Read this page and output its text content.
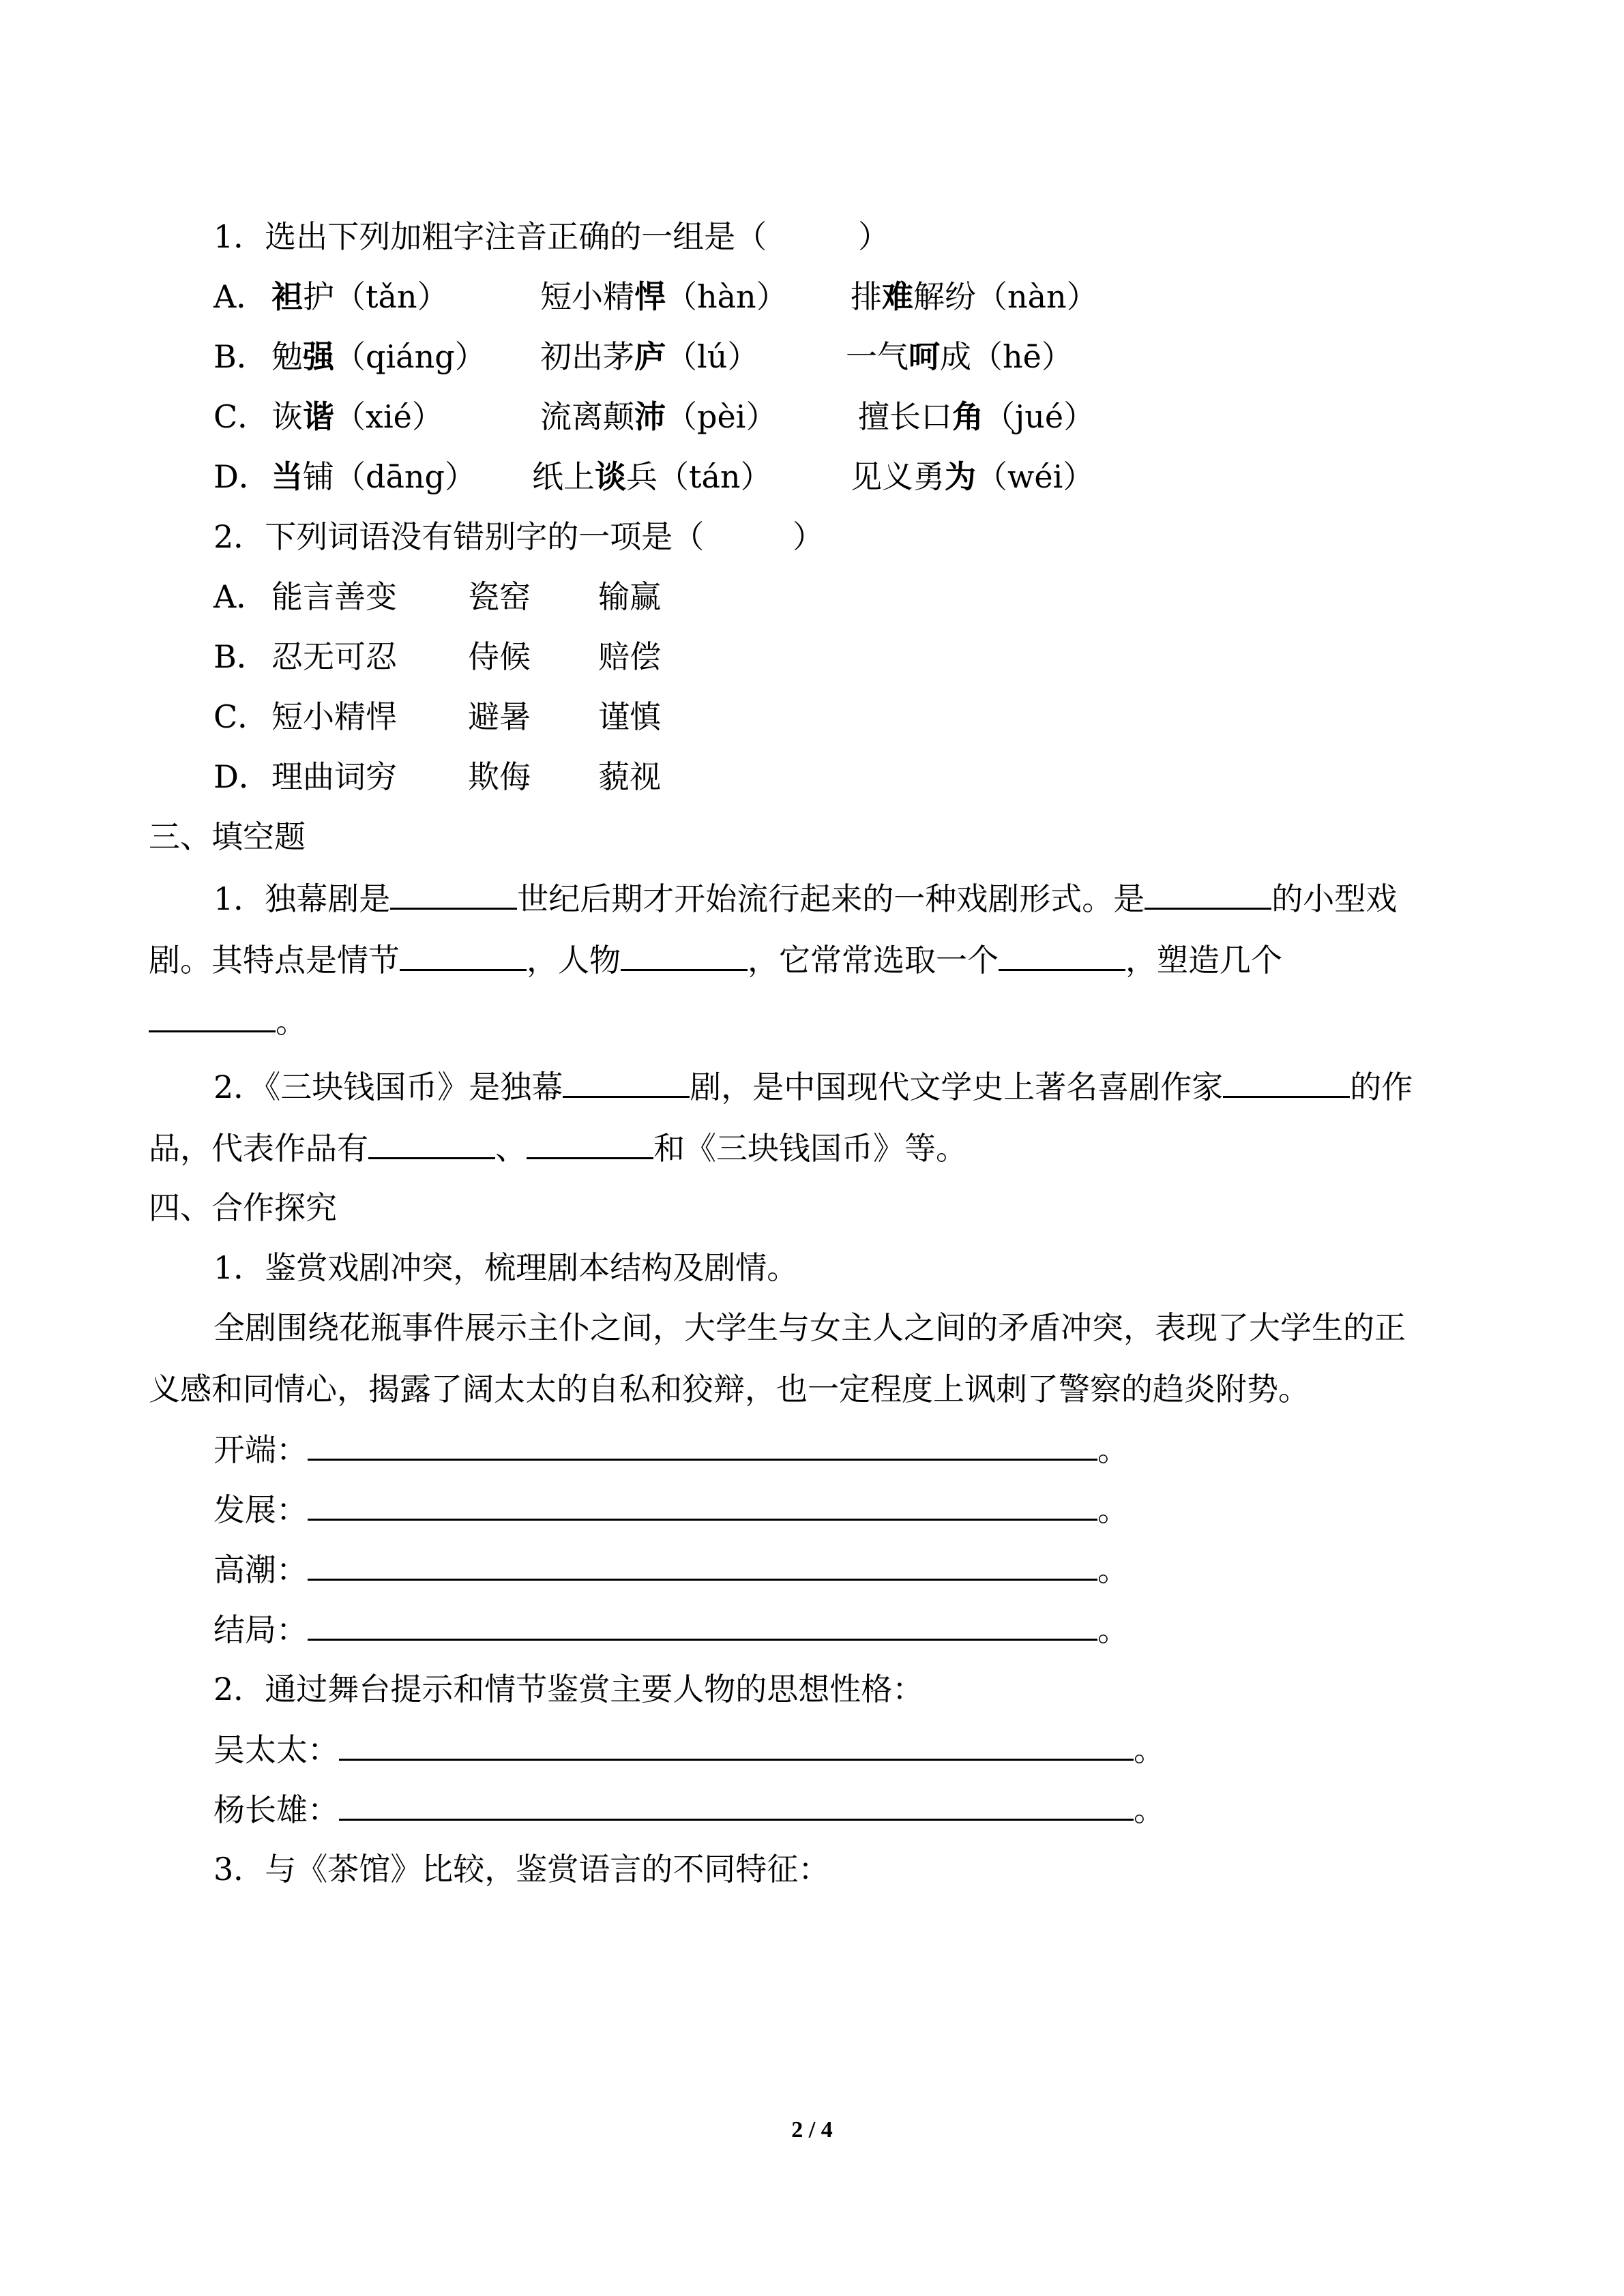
1．选出下列加粗字注音正确的一组是（	）
A． 袒护（tǎn）	短小精悍（hàn） 排难解纷（nàn）
B． 勉强（qiáng） 初出茅庐（lú）	一气呵成（hē）
C． 诙谐（xié）	流离颠沛（pèi）	擅长口角（jué）
D． 当铺（dāng） 纸上谈兵（tán）	见义勇为（wéi）
2．下列词语没有错别字的一项是（	）
A． 能言善变 瓷窑 输赢
B． 忍无可忍 侍候 赔偿
C． 短小精悍 避暑 谨慎
D． 理曲词穷 欺侮 藐视
三、填空题
1．独幕剧是	世纪后期才开始流行起来的一种戏剧形式。是	的小型戏
剧。其特点是情节	，人物	，它常常选取一个	，塑造几个
。
2．《三块钱国币》是独幕	剧，是中国现代文学史上著名喜剧作家	的作
品，代表作品有	、	和《三块钱国币》等。
四、合作探究
1．鉴赏戏剧冲突，梳理剧本结构及剧情。
全剧围绕花瓶事件展示主仆之间，大学生与女主人之间的矛盾冲突，表现了大学生的正
义感和同情心，揭露了阔太太的自私和狡辩，也一定程度上讽刺了警察的趋炎附势。
开端：	。
发展：	。
高潮：	。
结局：	。
2．通过舞台提示和情节鉴赏主要人物的思想性格：
吴太太：	。
杨长雄：	。
3．与《茶馆》比较，鉴赏语言的不同特征：
2 / 4
